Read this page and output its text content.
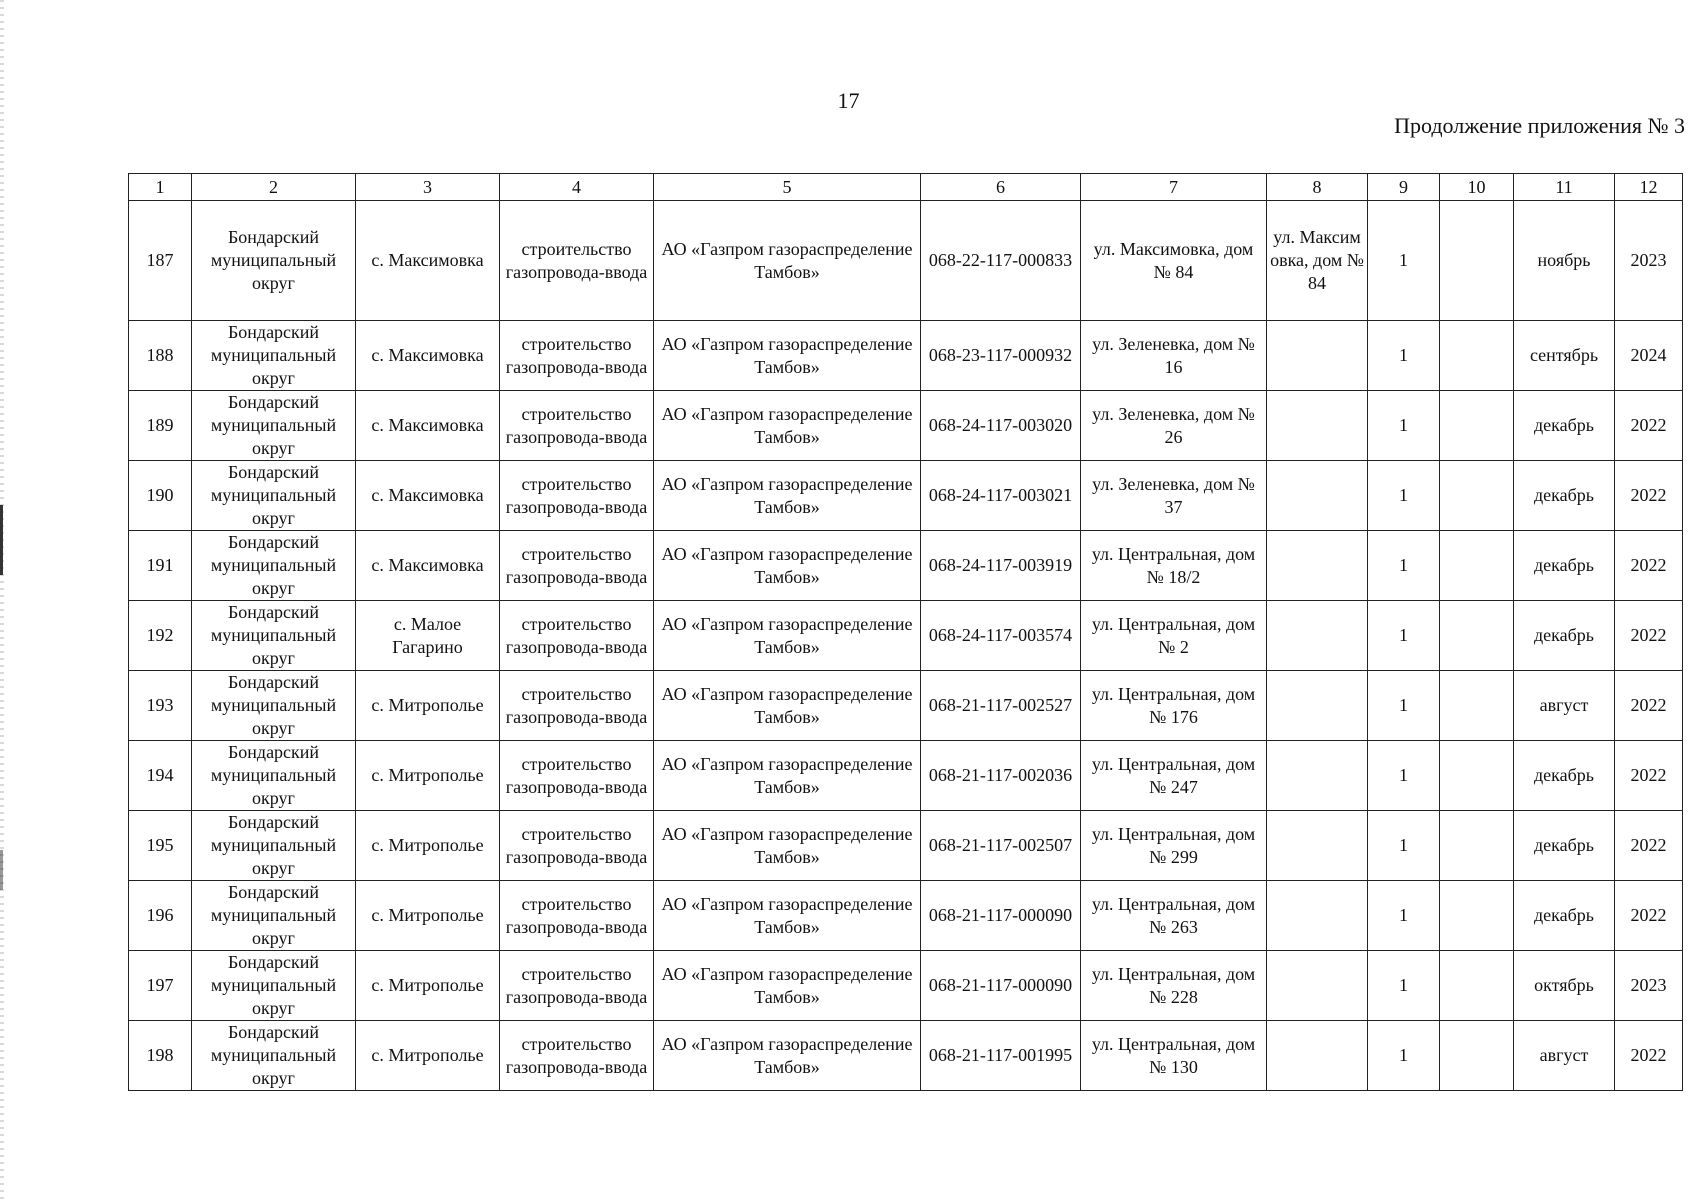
17
Продолжение приложения № 3
1	2	3	4	5	6	7	8	9	10	11	12
187	Бондарский муниципальный округ	с. Максимовка	строительство газопровода-ввода	АО «Газпром газораспределение Тамбов»	068-22-117-000833	ул. Максимовка, дом № 84	ул. Максим овка, дом № 84	1		ноябрь	2023
188	Бондарский муниципальный округ	с. Максимовка	строительство газопровода-ввода	АО «Газпром газораспределение Тамбов»	068-23-117-000932	ул. Зеленевка, дом № 16		1		сентябрь	2024
189	Бондарский муниципальный округ	с. Максимовка	строительство газопровода-ввода	АО «Газпром газораспределение Тамбов»	068-24-117-003020	ул. Зеленевка, дом № 26		1		декабрь	2022
190	Бондарский муниципальный округ	с. Максимовка	строительство газопровода-ввода	АО «Газпром газораспределение Тамбов»	068-24-117-003021	ул. Зеленевка, дом № 37		1		декабрь	2022
191	Бондарский муниципальный округ	с. Максимовка	строительство газопровода-ввода	АО «Газпром газораспределение Тамбов»	068-24-117-003919	ул. Центральная, дом № 18/2		1		декабрь	2022
192	Бондарский муниципальный округ	с. Малое Гагарино	строительство газопровода-ввода	АО «Газпром газораспределение Тамбов»	068-24-117-003574	ул. Центральная, дом № 2		1		декабрь	2022
193	Бондарский муниципальный округ	с. Митрополье	строительство газопровода-ввода	АО «Газпром газораспределение Тамбов»	068-21-117-002527	ул. Центральная, дом № 176		1		август	2022
194	Бондарский муниципальный округ	с. Митрополье	строительство газопровода-ввода	АО «Газпром газораспределение Тамбов»	068-21-117-002036	ул. Центральная, дом № 247		1		декабрь	2022
195	Бондарский муниципальный округ	с. Митрополье	строительство газопровода-ввода	АО «Газпром газораспределение Тамбов»	068-21-117-002507	ул. Центральная, дом № 299		1		декабрь	2022
196	Бондарский муниципальный округ	с. Митрополье	строительство газопровода-ввода	АО «Газпром газораспределение Тамбов»	068-21-117-000090	ул. Центральная, дом № 263		1		декабрь	2022
197	Бондарский муниципальный округ	с. Митрополье	строительство газопровода-ввода	АО «Газпром газораспределение Тамбов»	068-21-117-000090	ул. Центральная, дом № 228		1		октябрь	2023
198	Бондарский муниципальный округ	с. Митрополье	строительство газопровода-ввода	АО «Газпром газораспределение Тамбов»	068-21-117-001995	ул. Центральная, дом № 130		1		август	2022
